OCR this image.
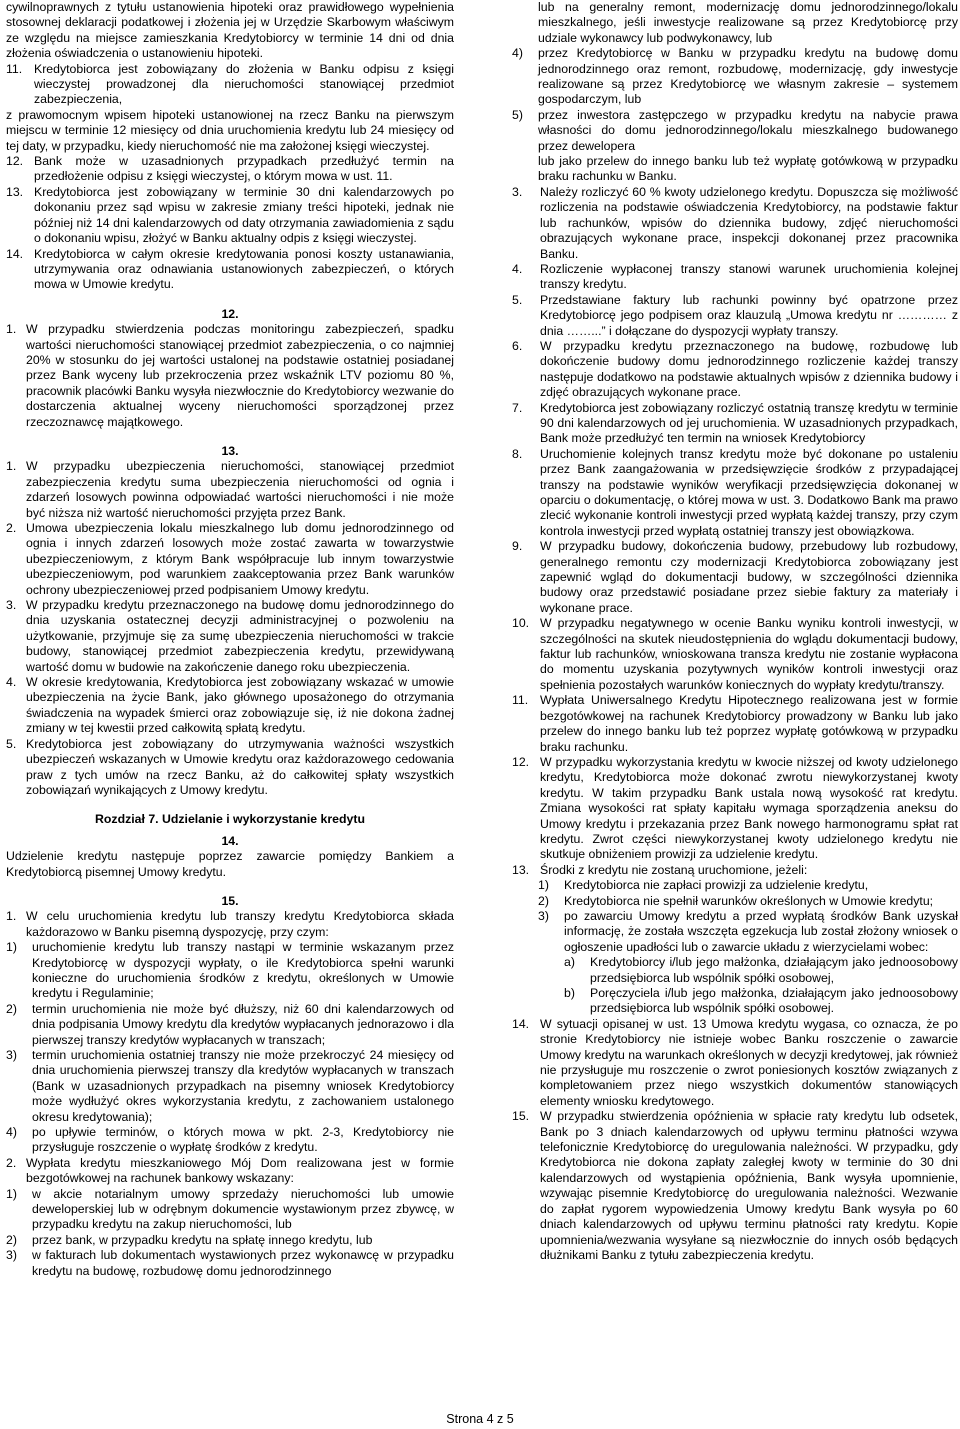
cywilnoprawnych z tytułu ustanowienia hipoteki oraz prawidłowego wypełnienia stosownej deklaracji podatkowej i złożenia jej w Urzędzie Skarbowym właściwym ze względu na miejsce zamieszkania Kredytobiorcy w terminie 14 dni od dnia złożenia oświadczenia o ustanowieniu hipoteki.

11. Kredytobiorca jest zobowiązany do złożenia w Banku odpisu z księgi wieczystej prowadzonej dla nieruchomości stanowiącej przedmiot zabezpieczenia,

z prawomocnym wpisem hipoteki ustanowionej na rzecz Banku na pierwszym miejscu w terminie 12 miesięcy od dnia uruchomienia kredytu lub 24 miesięcy od tej daty, w przypadku, kiedy nieruchomość nie ma założonej księgi wieczystej.

12. Bank może w uzasadnionych przypadkach przedłużyć termin na przedłożenie odpisu z księgi wieczystej, o którym mowa w ust. 11.
13. Kredytobiorca jest zobowiązany w terminie 30 dni kalendarzowych po dokonaniu przez sąd wpisu w zakresie zmiany treści hipoteki, jednak nie później niż 14 dni kalendarzowych od daty otrzymania zawiadomienia z sądu o dokonaniu wpisu, złożyć w Banku aktualny odpis z księgi wieczystej.
14. Kredytobiorca w całym okresie kredytowania ponosi koszty ustanawiania, utrzymywania oraz odnawiania ustanowionych zabezpieczeń, o których mowa w Umowie kredytu.

12.

1. W przypadku stwierdzenia podczas monitoringu zabezpieczeń, spadku wartości nieruchomości stanowiącej przedmiot zabezpieczenia, o co najmniej 20% w stosunku do jej wartości ustalonej na podstawie ostatniej posiadanej przez Bank wyceny lub przekroczenia przez wskaźnik LTV poziomu 80 %, pracownik placówki Banku wysyła niezwłocznie do Kredytobiorcy wezwanie do dostarczenia aktualnej wyceny nieruchomości sporządzonej przez rzeczoznawcę majątkowego.

13.

1. W przypadku ubezpieczenia nieruchomości, stanowiącej przedmiot zabezpieczenia kredytu suma ubezpieczenia nieruchomości od ognia i zdarzeń losowych powinna odpowiadać wartości nieruchomości i nie może być niższa niż wartość nieruchomości przyjęta przez Bank.
2. Umowa ubezpieczenia lokalu mieszkalnego lub domu jednorodzinnego od ognia i innych zdarzeń losowych może zostać zawarta w towarzystwie ubezpieczeniowym, z którym Bank współpracuje lub innym towarzystwie ubezpieczeniowym, pod warunkiem zaakceptowania przez Bank warunków ochrony ubezpieczeniowej przed podpisaniem Umowy kredytu.
3. W przypadku kredytu przeznaczonego na budowę domu jednorodzinnego do dnia uzyskania ostatecznej decyzji administracyjnej o pozwoleniu na użytkowanie, przyjmuje się za sumę ubezpieczenia nieruchomości w trakcie budowy, stanowiącej przedmiot zabezpieczenia kredytu, przewidywaną wartość domu w budowie na zakończenie danego roku ubezpieczenia.
4. W okresie kredytowania, Kredytobiorca jest zobowiązany wskazać w umowie ubezpieczenia na życie Bank, jako głównego uposażonego do otrzymania świadczenia na wypadek śmierci oraz zobowiązuje się, iż nie dokona żadnej zmiany w tej kwestii przed całkowitą spłatą kredytu.
5. Kredytobiorca jest zobowiązany do utrzymywania ważności wszystkich ubezpieczeń wskazanych w Umowie kredytu oraz każdorazowego cedowania praw z tych umów na rzecz Banku, aż do całkowitej spłaty wszystkich zobowiązań wynikających z Umowy kredytu.

Rozdział 7. Udzielanie i wykorzystanie kredytu

14.

Udzielenie kredytu następuje poprzez zawarcie pomiędzy Bankiem a Kredytobiorcą pisemnej Umowy kredytu.

15.

1. W celu uruchomienia kredytu lub transzy kredytu Kredytobiorca składa każdorazowo w Banku pisemną dyspozycję, przy czym:
1) uruchomienie kredytu lub transzy nastąpi w terminie wskazanym przez Kredytobiorcę w dyspozycji wypłaty, o ile Kredytobiorca spełni warunki konieczne do uruchomienia środków z kredytu, określonych w Umowie kredytu i Regulaminie;
2) termin uruchomienia nie może być dłuższy, niż 60 dni kalendarzowych od dnia podpisania Umowy kredytu dla kredytów wypłacanych jednorazowo i dla pierwszej transzy kredytów wypłacanych w transzach;
3) termin uruchomienia ostatniej transzy nie może przekroczyć 24 miesięcy od dnia uruchomienia pierwszej transzy dla kredytów wypłacanych w transzach (Bank w uzasadnionych przypadkach na pisemny wniosek Kredytobiorcy może wydłużyć okres wykorzystania kredytu, z zachowaniem ustalonego okresu kredytowania);
4) po upływie terminów, o których mowa w pkt. 2-3, Kredytobiorcy nie przysługuje roszczenie o wypłatę środków z kredytu.
2. Wypłata kredytu mieszkaniowego Mój Dom realizowana jest w formie bezgotówkowej na rachunek bankowy wskazany:
1) w akcie notarialnym umowy sprzedaży nieruchomości lub umowie deweloperskiej lub w odrębnym dokumencie wystawionym przez zbywcę, w przypadku kredytu na zakup nieruchomości, lub
2) przez bank, w przypadku kredytu na spłatę innego kredytu, lub
3) w fakturach lub dokumentach wystawionych przez wykonawcę w przypadku kredytu na budowę, rozbudowę domu jednorodzinnego

lub na generalny remont, modernizację domu jednorodzinnego/lokalu mieszkalnego, jeśli inwestycje realizowane są przez Kredytobiorcę przy udziale wykonawcy lub podwykonawcy, lub

4) przez Kredytobiorcę w Banku w przypadku kredytu na budowę domu jednorodzinnego oraz remont, rozbudowę, modernizację, gdy inwestycje realizowane są przez Kredytobiorcę we własnym zakresie – systemem gospodarczym, lub
5) przez inwestora zastępczego w przypadku kredytu na nabycie prawa własności do domu jednorodzinnego/lokalu mieszkalnego budowanego przez dewelopera

lub jako przelew do innego banku lub też wypłatę gotówkową w przypadku braku rachunku w Banku.

3. Należy rozliczyć 60 % kwoty udzielonego kredytu. Dopuszcza się możliwość rozliczenia na podstawie oświadczenia Kredytobiorcy, na podstawie faktur lub rachunków, wpisów do dziennika budowy, zdjęć nieruchomości obrazujących wykonane prace, inspekcji dokonanej przez pracownika Banku.
4. Rozliczenie wypłaconej transzy stanowi warunek uruchomienia kolejnej transzy kredytu.
5. Przedstawiane faktury lub rachunki powinny być opatrzone przez Kredytobiorcę jego podpisem oraz klauzulą „Umowa kredytu nr ………… z dnia ……...” i dołączane do dyspozycji wypłaty transzy.
6. W przypadku kredytu przeznaczonego na budowę, rozbudowę lub dokończenie budowy domu jednorodzinnego rozliczenie każdej transzy następuje dodatkowo na podstawie aktualnych wpisów z dziennika budowy i zdjęć obrazujących wykonane prace.
7. Kredytobiorca jest zobowiązany rozliczyć ostatnią transzę kredytu w terminie 90 dni kalendarzowych od jej uruchomienia. W uzasadnionych przypadkach, Bank może przedłużyć ten termin na wniosek Kredytobiorcy
8. Uruchomienie kolejnych transz kredytu może być dokonane po ustaleniu przez Bank zaangażowania w przedsięwzięcie środków z przypadającej transzy na podstawie wyników weryfikacji przedsięwzięcia dokonanej w oparciu o dokumentację, o której mowa w ust. 3. Dodatkowo Bank ma prawo zlecić wykonanie kontroli inwestycji przed wypłatą każdej transzy, przy czym kontrola inwestycji przed wypłatą ostatniej transzy jest obowiązkowa.
9. W przypadku budowy, dokończenia budowy, przebudowy lub rozbudowy, generalnego remontu czy modernizacji Kredytobiorca zobowiązany jest zapewnić wgląd do dokumentacji budowy, w szczególności dziennika budowy oraz przedstawić posiadane przez siebie faktury za materiały i wykonane prace.
10. W przypadku negatywnego w ocenie Banku wyniku kontroli inwestycji, w szczególności na skutek nieudostępnienia do wglądu dokumentacji budowy, faktur lub rachunków, wnioskowana transza kredytu nie zostanie wypłacona do momentu uzyskania pozytywnych wyników kontroli inwestycji oraz spełnienia pozostałych warunków koniecznych do wypłaty kredytu/transzy.
11. Wypłata Uniwersalnego Kredytu Hipotecznego realizowana jest w formie bezgotówkowej na rachunek Kredytobiorcy prowadzony w Banku lub jako przelew do innego banku lub też poprzez wypłatę gotówkową w przypadku braku rachunku.
12. W przypadku wykorzystania kredytu w kwocie niższej od kwoty udzielonego kredytu, Kredytobiorca może dokonać zwrotu niewykorzystanej kwoty kredytu. W takim przypadku Bank ustala nową wysokość rat kredytu. Zmiana wysokości rat spłaty kapitału wymaga sporządzenia aneksu do Umowy kredytu i przekazania przez Bank nowego harmonogramu spłat rat kredytu. Zwrot części niewykorzystanej kwoty udzielonego kredytu nie skutkuje obniżeniem prowizji za udzielenie kredytu.
13. Środki z kredytu nie zostaną uruchomione, jeżeli:
1) Kredytobiorca nie zapłaci prowizji za udzielenie kredytu,
2) Kredytobiorca nie spełnił warunków określonych w Umowie kredytu;
3) po zawarciu Umowy kredytu a przed wypłatą środków Bank uzyskał informację, że została wszczęta egzekucja lub został złożony wniosek o ogłoszenie upadłości lub o zawarcie układu z wierzycielami wobec:
a) Kredytobiorcy i/lub jego małżonka, działającym jako jednoosobowy przedsiębiorca lub wspólnik spółki osobowej,
b) Poręczyciela i/lub jego małżonka, działającym jako jednoosobowy przedsiębiorca lub wspólnik spółki osobowej.
14. W sytuacji opisanej w ust. 13 Umowa kredytu wygasa, co oznacza, że po stronie Kredytobiorcy nie istnieje wobec Banku roszczenie o zawarcie Umowy kredytu na warunkach określonych w decyzji kredytowej, jak również nie przysługuje mu roszczenie o zwrot poniesionych kosztów związanych z kompletowaniem przez niego wszystkich dokumentów stanowiących elementy wniosku kredytowego.
15. W przypadku stwierdzenia opóźnienia w spłacie raty kredytu lub odsetek, Bank po 3 dniach kalendarzowych od upływu terminu płatności wzywa telefonicznie Kredytobiorcę do uregulowania należności. W przypadku, gdy Kredytobiorca nie dokona zapłaty zaległej kwoty w terminie do 30 dni kalendarzowych od wystąpienia opóźnienia, Bank wysyła upomnienie, wzywając pisemnie Kredytobiorcę do uregulowania należności. Wezwanie do zapłat rygorem wypowiedzenia Umowy kredytu Bank wysyła po 60 dniach kalendarzowych od upływu terminu płatności raty kredytu. Kopie upomnienia/wezwania wysyłane są niezwłocznie do innych osób będących dłużnikami Banku z tytułu zabezpieczenia kredytu.
Strona 4 z 5
